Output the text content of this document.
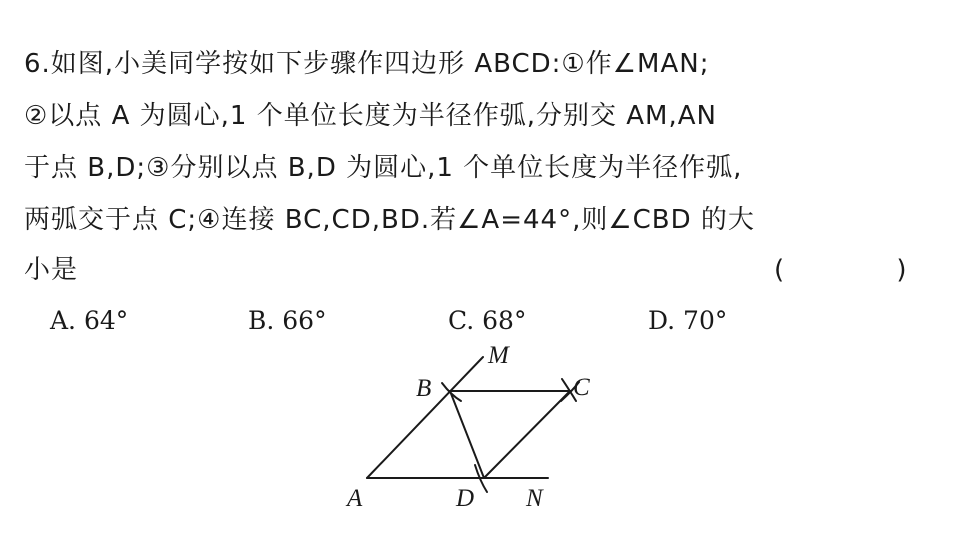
6.如图,小美同学按如下步骤作四边形 ABCD:①作∠MAN;
②以点 A 为圆心,1 个单位长度为半径作弧,分别交 AM,AN
于点 B,D;③分别以点 B,D 为圆心,1 个单位长度为半径作弧,
两弧交于点 C;④连接 BC,CD,BD.若∠A=44°,则∠CBD 的大
小是	( )
A. 64°	B. 66°	C. 68°	D. 70°
B
M
C
A	D N
